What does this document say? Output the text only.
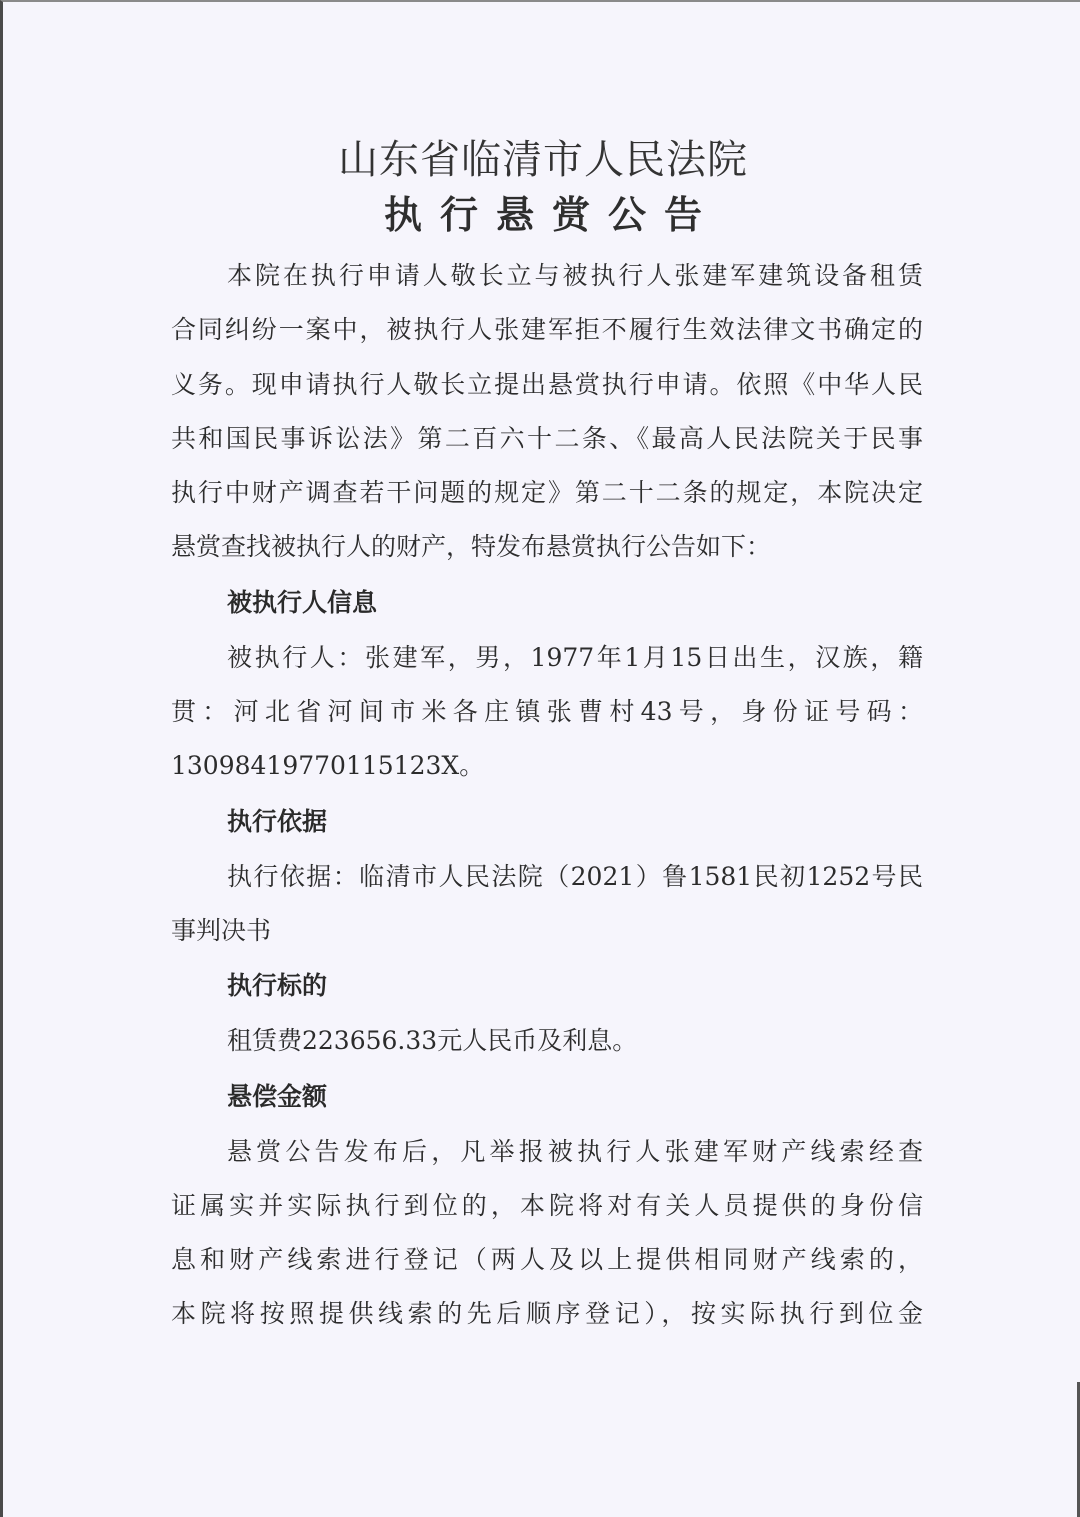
山东省临清市人民法院
执行悬赏公告
本院在执行申请人敬长立与被执行人张建军建筑设备租赁
合同纠纷一案中，被执行人张建军拒不履行生效法律文书确定的
义务。现申请执行人敬长立提出悬赏执行申请。依照《中华人民
共和国民事诉讼法》第二百六十二条、《最高人民法院关于民事
执行中财产调查若干问题的规定》第二十二条的规定，本院决定
悬赏查找被执行人的财产，特发布悬赏执行公告如下：
被执行人信息
被执行人：张建军，男，1977年1月15日出生，汉族，籍
贯：河北省河间市米各庄镇张曹村43号，身份证号码：
13098419770115123X。
执行依据
执行依据：临清市人民法院（2021）鲁1581民初1252号民
事判决书
执行标的
租赁费223656.33元人民币及利息。
悬偿金额
悬赏公告发布后，凡举报被执行人张建军财产线索经查
证属实并实际执行到位的，本院将对有关人员提供的身份信
息和财产线索进行登记（两人及以上提供相同财产线索的，
本院将按照提供线索的先后顺序登记），按实际执行到位金
